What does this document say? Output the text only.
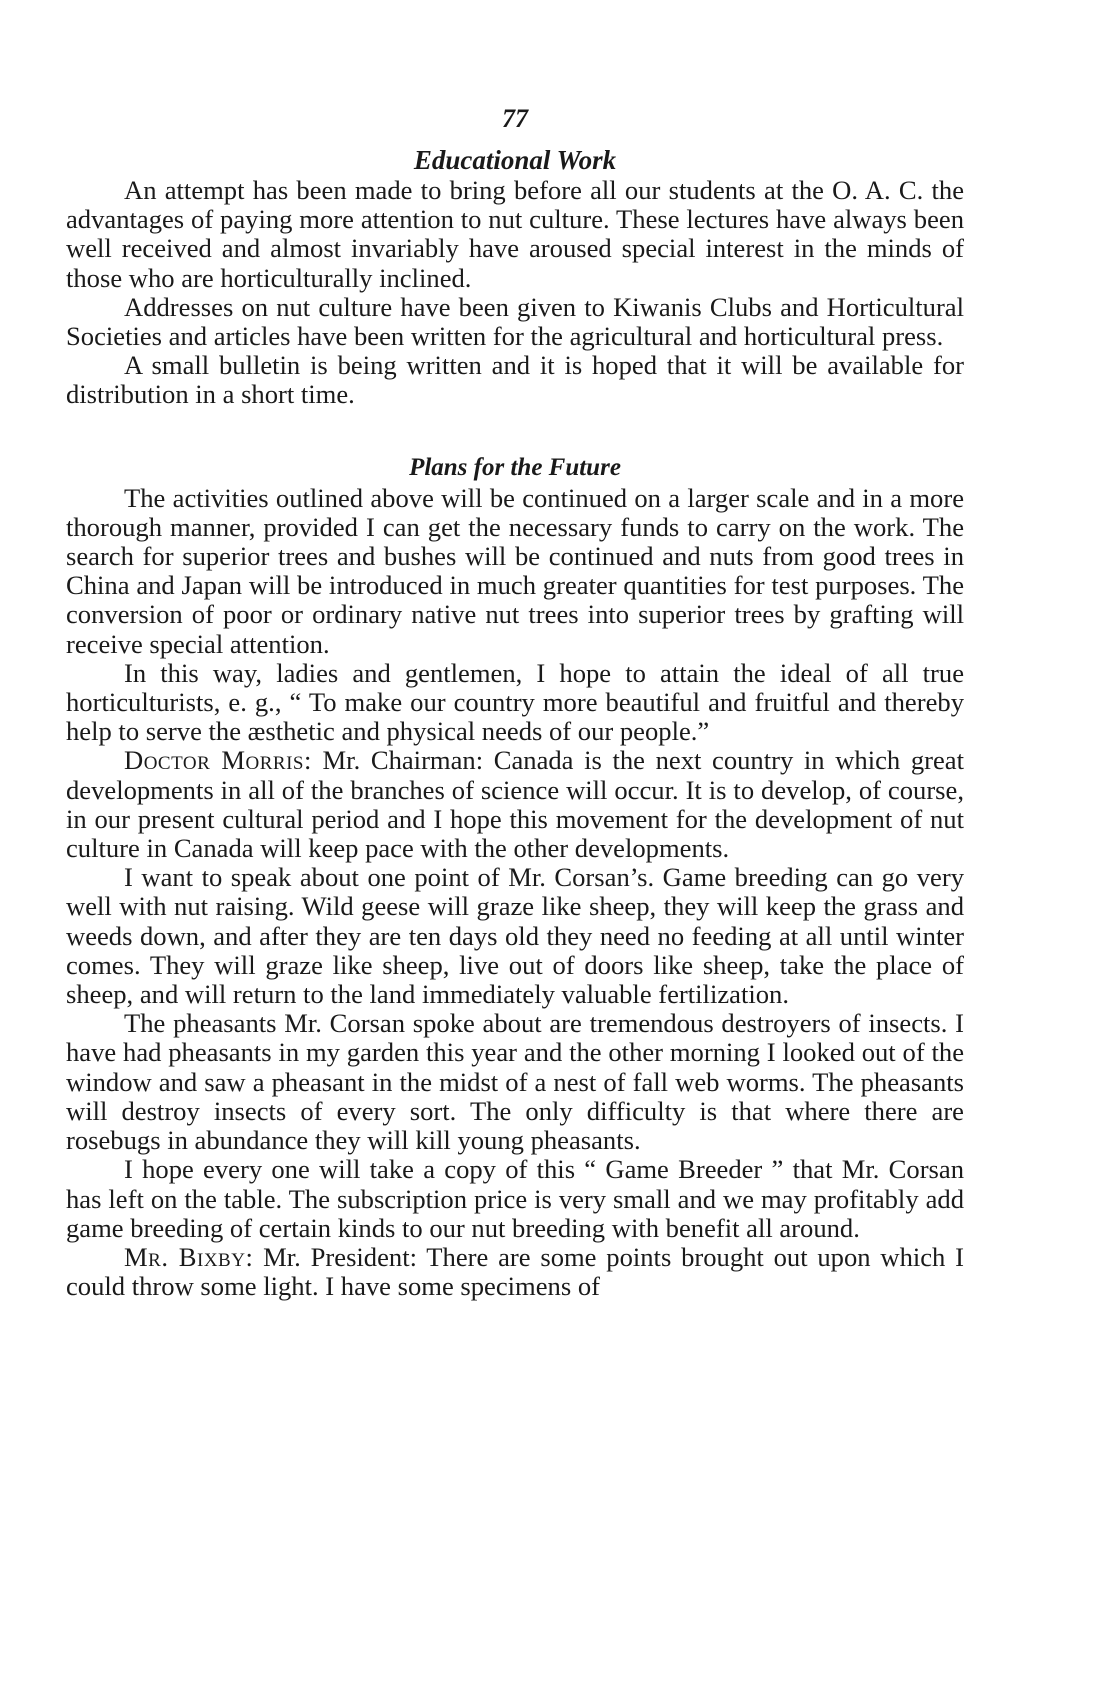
77
Educational Work

An attempt has been made to bring before all our students at the O. A. C. the advantages of paying more attention to nut culture. These lectures have always been well received and almost invariably have aroused special interest in the minds of those who are horticulturally inclined.

Addresses on nut culture have been given to Kiwanis Clubs and Horticultural Societies and articles have been written for the agricultural and horticultural press.

A small bulletin is being written and it is hoped that it will be available for distribution in a short time.

Plans for the Future

The activities outlined above will be continued on a larger scale and in a more thorough manner, provided I can get the necessary funds to carry on the work. The search for superior trees and bushes will be continued and nuts from good trees in China and Japan will be introduced in much greater quantities for test purposes. The conversion of poor or ordinary native nut trees into superior trees by grafting will receive special attention.

In this way, ladies and gentlemen, I hope to attain the ideal of all true horticulturists, e. g., “ To make our country more beautiful and fruitful and thereby help to serve the æsthetic and physical needs of our people.”

Doctor Morris: Mr. Chairman: Canada is the next country in which great developments in all of the branches of science will occur. It is to develop, of course, in our present cultural period and I hope this movement for the development of nut culture in Canada will keep pace with the other developments.

I want to speak about one point of Mr. Corsan’s. Game breeding can go very well with nut raising. Wild geese will graze like sheep, they will keep the grass and weeds down, and after they are ten days old they need no feeding at all until winter comes. They will graze like sheep, live out of doors like sheep, take the place of sheep, and will return to the land immediately valuable fertilization.

The pheasants Mr. Corsan spoke about are tremendous destroyers of insects. I have had pheasants in my garden this year and the other morning I looked out of the window and saw a pheasant in the midst of a nest of fall web worms. The pheasants will destroy insects of every sort. The only difficulty is that where there are rosebugs in abundance they will kill young pheasants.

I hope every one will take a copy of this “ Game Breeder ” that Mr. Corsan has left on the table. The subscription price is very small and we may profitably add game breeding of certain kinds to our nut breeding with benefit all around.

Mr. Bixby: Mr. President: There are some points brought out upon which I could throw some light. I have some specimens of
